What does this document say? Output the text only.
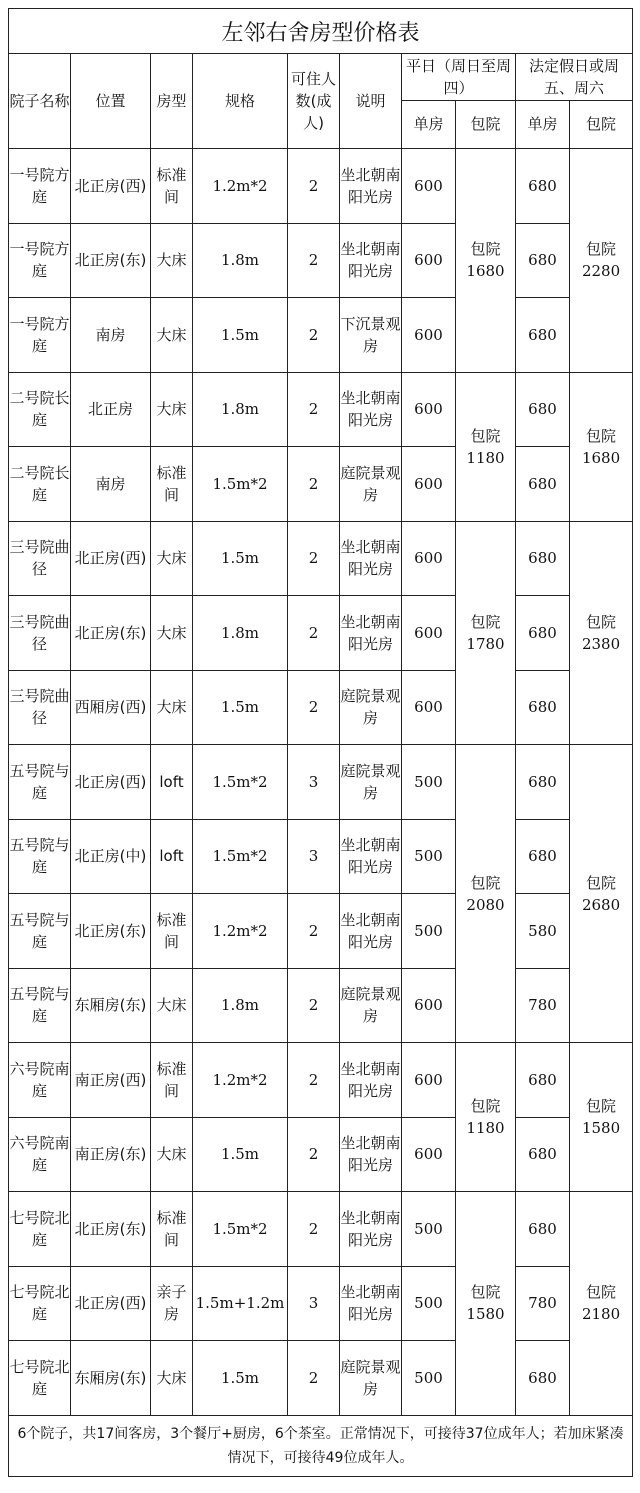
左邻右舍房型价格表									
院子名称	位置	房型	规格	可住人数(成人)	说明	平日（周日至周四）		法定假日或周五、周六	
						单房	包院	单房	包院
一号院方庭	北正房(西)	标准间	1.2m*2	2	坐北朝南阳光房	600	包院1680	680	包院2280
一号院方庭	北正房(东)	大床	1.8m	2	坐北朝南阳光房	600		680	
一号院方庭	南房	大床	1.5m	2	下沉景观房	600		680	
二号院长庭	北正房	大床	1.8m	2	坐北朝南阳光房	600	包院1180	680	包院1680
二号院长庭	南房	标准间	1.5m*2	2	庭院景观房	600		680	
三号院曲径	北正房(西)	大床	1.5m	2	坐北朝南阳光房	600	包院1780	680	包院2380
三号院曲径	北正房(东)	大床	1.8m	2	坐北朝南阳光房	600		680	
三号院曲径	西厢房(西)	大床	1.5m	2	庭院景观房	600		680	
五号院与庭	北正房(西)	loft	1.5m*2	3	庭院景观房	500	包院2080	680	包院2680
五号院与庭	北正房(中)	loft	1.5m*2	3	坐北朝南阳光房	500		680	
五号院与庭	北正房(东)	标准间	1.2m*2	2	坐北朝南阳光房	500		580	
五号院与庭	东厢房(东)	大床	1.8m	2	庭院景观房	600		780	
六号院南庭	南正房(西)	标准间	1.2m*2	2	坐北朝南阳光房	600	包院1180	680	包院1580
六号院南庭	南正房(东)	大床	1.5m	2	坐北朝南阳光房	600		680	
七号院北庭	北正房(东)	标准间	1.5m*2	2	坐北朝南阳光房	500	包院1580	680	包院2180
七号院北庭	北正房(西)	亲子房	1.5m+1.2m	3	坐北朝南阳光房	500		780	
七号院北庭	东厢房(东)	大床	1.5m	2	庭院景观房	500		680	
6个院子，共17间客房，3个餐厅+厨房，6个茶室。正常情况下，可接待37位成年人；若加床紧凑情况下，可接待49位成年人。									
